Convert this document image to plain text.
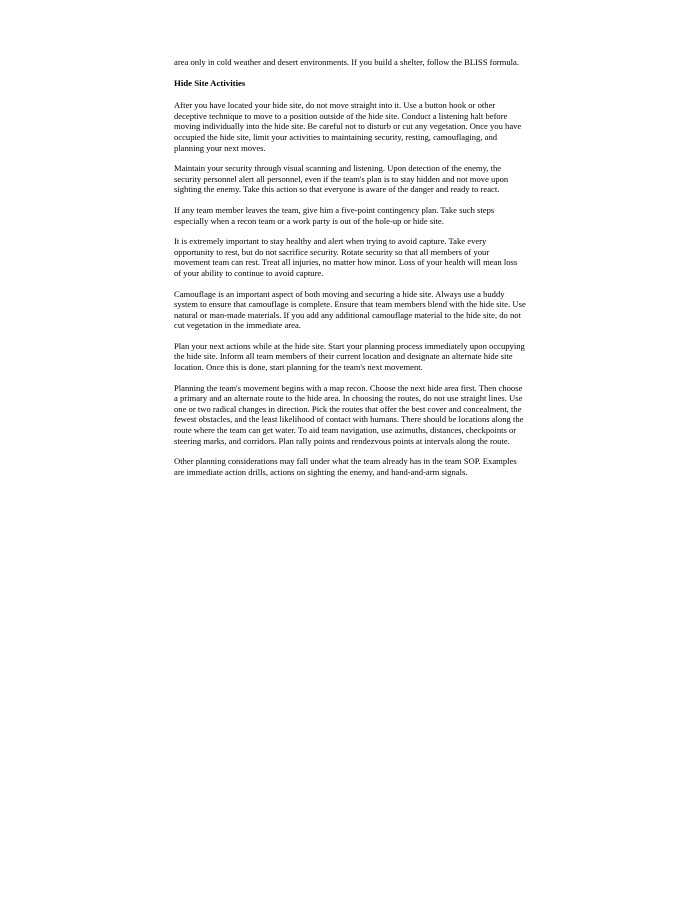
area only in cold weather and desert environments. If you build a shelter, follow the BLISS formula.

Hide Site Activities

After you have located your hide site, do not move straight into it. Use a button hook or other deceptive technique to move to a position outside of the hide site. Conduct a listening halt before moving individually into the hide site. Be careful not to disturb or cut any vegetation. Once you have occupied the hide site, limit your activities to maintaining security, resting, camouflaging, and planning your next moves.

Maintain your security through visual scanning and listening. Upon detection of the enemy, the security personnel alert all personnel, even if the team's plan is to stay hidden and not move upon sighting the enemy. Take this action so that everyone is aware of the danger and ready to react.

If any team member leaves the team, give him a five-point contingency plan. Take such steps especially when a recon team or a work party is out of the hole-up or hide site.

It is extremely important to stay healthy and alert when trying to avoid capture. Take every opportunity to rest, but do not sacrifice security. Rotate security so that all members of your movement team can rest. Treat all injuries, no matter how minor. Loss of your health will mean loss of your ability to continue to avoid capture.

Camouflage is an important aspect of both moving and securing a hide site. Always use a buddy system to ensure that camouflage is complete. Ensure that team members blend with the hide site. Use natural or man-made materials. If you add any additional camouflage material to the hide site, do not cut vegetation in the immediate area.

Plan your next actions while at the hide site. Start your planning process immediately upon occupying the hide site. Inform all team members of their current location and designate an alternate hide site location. Once this is done, start planning for the team's next movement.

Planning the team's movement begins with a map recon. Choose the next hide area first. Then choose a primary and an alternate route to the hide area. In choosing the routes, do not use straight lines. Use one or two radical changes in direction. Pick the routes that offer the best cover and concealment, the fewest obstacles, and the least likelihood of contact with humans. There should be locations along the route where the team can get water. To aid team navigation, use azimuths, distances, checkpoints or steering marks, and corridors. Plan rally points and rendezvous points at intervals along the route.

Other planning considerations may fall under what the team already has in the team SOP. Examples are immediate action drills, actions on sighting the enemy, and hand-and-arm signals.
